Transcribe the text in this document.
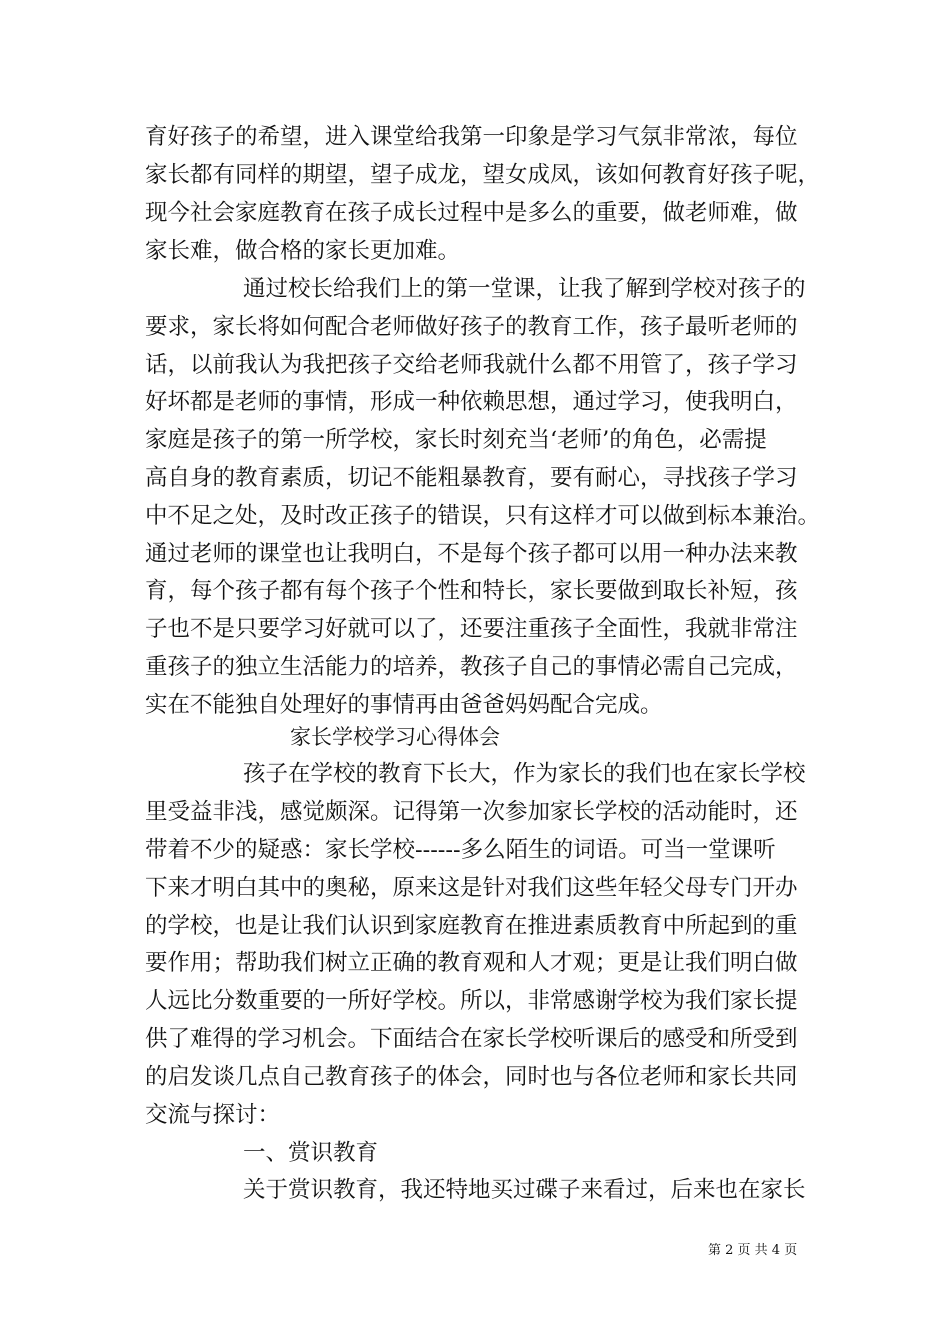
育好孩子的希望，进入课堂给我第一印象是学习气氛非常浓，每位
家长都有同样的期望，望子成龙，望女成凤，该如何教育好孩子呢，
现今社会家庭教育在孩子成长过程中是多么的重要，做老师难，做
家长难，做合格的家长更加难。
通过校长给我们上的第一堂课，让我了解到学校对孩子的
要求，家长将如何配合老师做好孩子的教育工作，孩子最听老师的
话，以前我认为我把孩子交给老师我就什么都不用管了，孩子学习
好坏都是老师的事情，形成一种依赖思想，通过学习，使我明白，
家庭是孩子的第一所学校，家长时刻充当‘老师’的角色，必需提
高自身的教育素质，切记不能粗暴教育，要有耐心，寻找孩子学习
中不足之处，及时改正孩子的错误，只有这样才可以做到标本兼治。
通过老师的课堂也让我明白，不是每个孩子都可以用一种办法来教
育，每个孩子都有每个孩子个性和特长，家长要做到取长补短，孩
子也不是只要学习好就可以了，还要注重孩子全面性，我就非常注
重孩子的独立生活能力的培养，教孩子自己的事情必需自己完成，
实在不能独自处理好的事情再由爸爸妈妈配合完成。
家长学校学习心得体会
孩子在学校的教育下长大，作为家长的我们也在家长学校
里受益非浅，感觉颇深。记得第一次参加家长学校的活动能时，还
带着不少的疑惑：家长学校------多么陌生的词语。可当一堂课听
下来才明白其中的奥秘，原来这是针对我们这些年轻父母专门开办
的学校，也是让我们认识到家庭教育在推进素质教育中所起到的重
要作用；帮助我们树立正确的教育观和人才观；更是让我们明白做
人远比分数重要的一所好学校。所以，非常感谢学校为我们家长提
供了难得的学习机会。下面结合在家长学校听课后的感受和所受到
的启发谈几点自己教育孩子的体会，同时也与各位老师和家长共同
交流与探讨：
一、赏识教育
关于赏识教育，我还特地买过碟子来看过，后来也在家长
第 2 页 共 4 页
